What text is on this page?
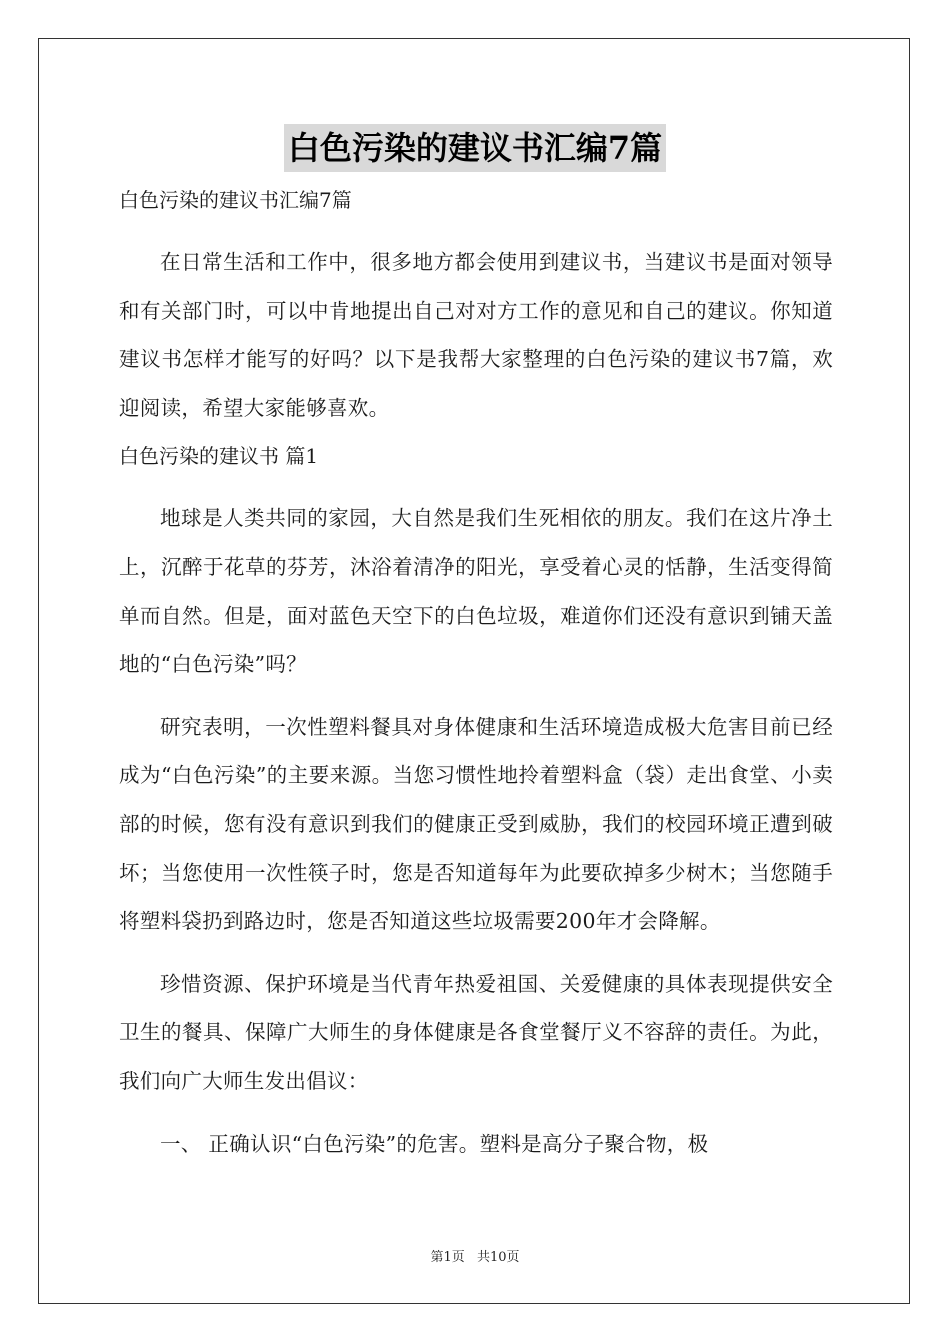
白色污染的建议书汇编7篇

白色污染的建议书汇编7篇

在日常生活和工作中，很多地方都会使用到建议书，当建议书是面对领导和有关部门时，可以中肯地提出自己对对方工作的意见和自己的建议。你知道建议书怎样才能写的好吗？以下是我帮大家整理的白色污染的建议书7篇，欢迎阅读，希望大家能够喜欢。

白色污染的建议书 篇1

地球是人类共同的家园，大自然是我们生死相依的朋友。我们在这片净土上，沉醉于花草的芬芳，沐浴着清净的阳光，享受着心灵的恬静，生活变得简单而自然。但是，面对蓝色天空下的白色垃圾，难道你们还没有意识到铺天盖地的“白色污染”吗？

研究表明，一次性塑料餐具对身体健康和生活环境造成极大危害目前已经成为“白色污染”的主要来源。当您习惯性地拎着塑料盒（袋）走出食堂、小卖部的时候，您有没有意识到我们的健康正受到威胁，我们的校园环境正遭到破坏；当您使用一次性筷子时，您是否知道每年为此要砍掉多少树木；当您随手将塑料袋扔到路边时，您是否知道这些垃圾需要200年才会降解。

珍惜资源、保护环境是当代青年热爱祖国、关爱健康的具体表现提供安全卫生的餐具、保障广大师生的身体健康是各食堂餐厅义不容辞的责任。为此，我们向广大师生发出倡议：

一、 正确认识“白色污染”的危害。塑料是高分子聚合物，极

第1页 共10页
